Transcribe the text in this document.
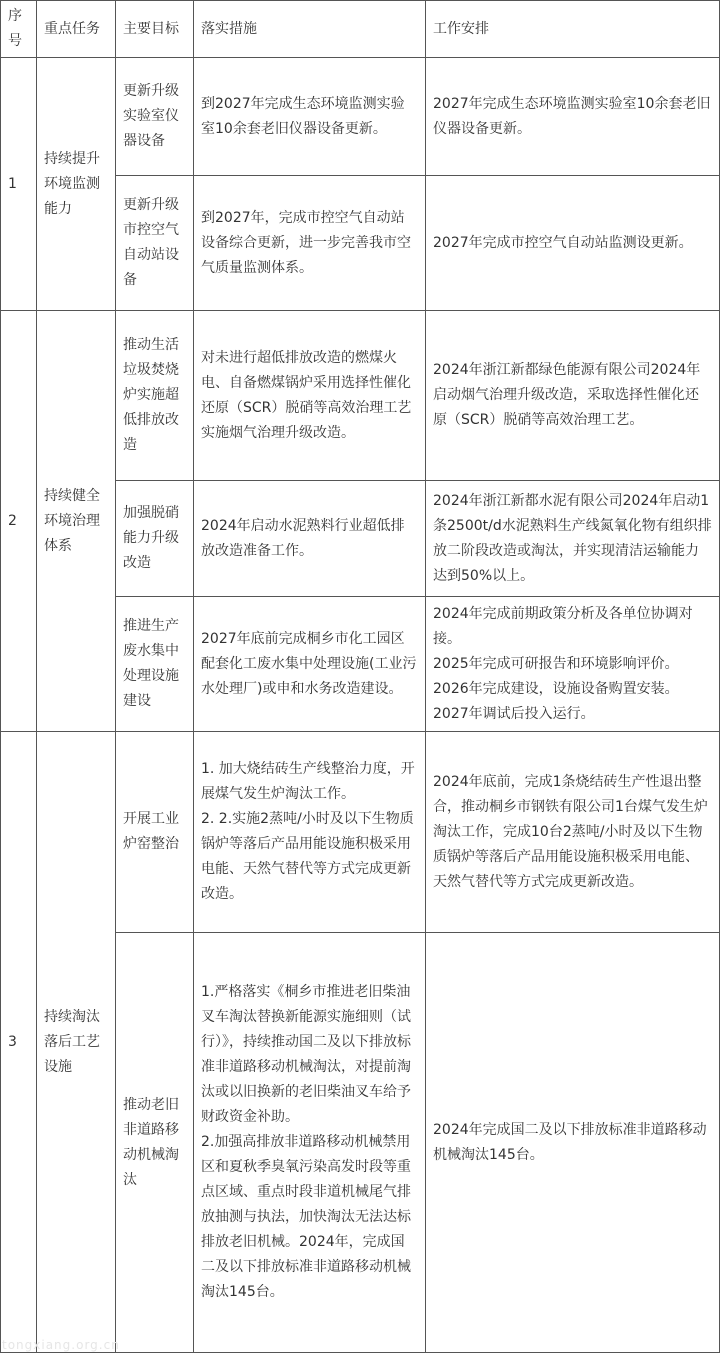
序号	重点任务	主要目标	落实措施	工作安排
1	持续提升环境监测能力	更新升级实验室仪器设备	到2027年完成生态环境监测实验室10余套老旧仪器设备更新。	2027年完成生态环境监测实验室10余套老旧仪器设备更新。

		更新升级市控空气自动站设备	到2027年，完成市控空气自动站设备综合更新，进一步完善我市空气质量监测体系。	2027年完成市控空气自动站监测设更新。

2	持续健全环境治理体系	推动生活垃圾焚烧炉实施超低排放改造	对未进行超低排放改造的燃煤火电、自备燃煤锅炉采用选择性催化还原（SCR）脱硝等高效治理工艺实施烟气治理升级改造。	2024年浙江新都绿色能源有限公司2024年启动烟气治理升级改造，采取选择性催化还原（SCR）脱硝等高效治理工艺。

		加强脱硝能力升级改造	2024年启动水泥熟料行业超低排放改造准备工作。	2024年浙江新都水泥有限公司2024年启动1条2500t/d水泥熟料生产线氮氧化物有组织排放二阶段改造或淘汰，并实现清洁运输能力达到50%以上。

		推进生产废水集中处理设施建设	2027年底前完成桐乡市化工园区配套化工废水集中处理设施(工业污水处理厂)或申和水务改造建设。	2024年完成前期政策分析及各单位协调对接。
2025年完成可研报告和环境影响评价。
2026年完成建设，设施设备购置安装。
2027年调试后投入运行。

3	持续淘汰落后工艺设施	开展工业炉窑整治	1. 加大烧结砖生产线整治力度，开展煤气发生炉淘汰工作。
2. 2.实施2蒸吨/小时及以下生物质锅炉等落后产品用能设施积极采用电能、天然气替代等方式完成更新改造。	2024年底前，完成1条烧结砖生产性退出整合，推动桐乡市钢铁有限公司1台煤气发生炉淘汰工作，完成10台2蒸吨/小时及以下生物质锅炉等落后产品用能设施积极采用电能、天然气替代等方式完成更新改造。

		推动老旧非道路移动机械淘汰	1.严格落实《桐乡市推进老旧柴油叉车淘汰替换新能源实施细则（试行）》，持续推动国二及以下排放标准非道路移动机械淘汰，对提前淘汰或以旧换新的老旧柴油叉车给予财政资金补助。
2.加强高排放非道路移动机械禁用区和夏秋季臭氧污染高发时段等重点区域、重点时段非道机械尾气排放抽测与执法，加快淘汰无法达标排放老旧机械。2024年，完成国二及以下排放标准非道路移动机械淘汰145台。	2024年完成国二及以下排放标准非道路移动机械淘汰145台。
tongxiang.org.cn
